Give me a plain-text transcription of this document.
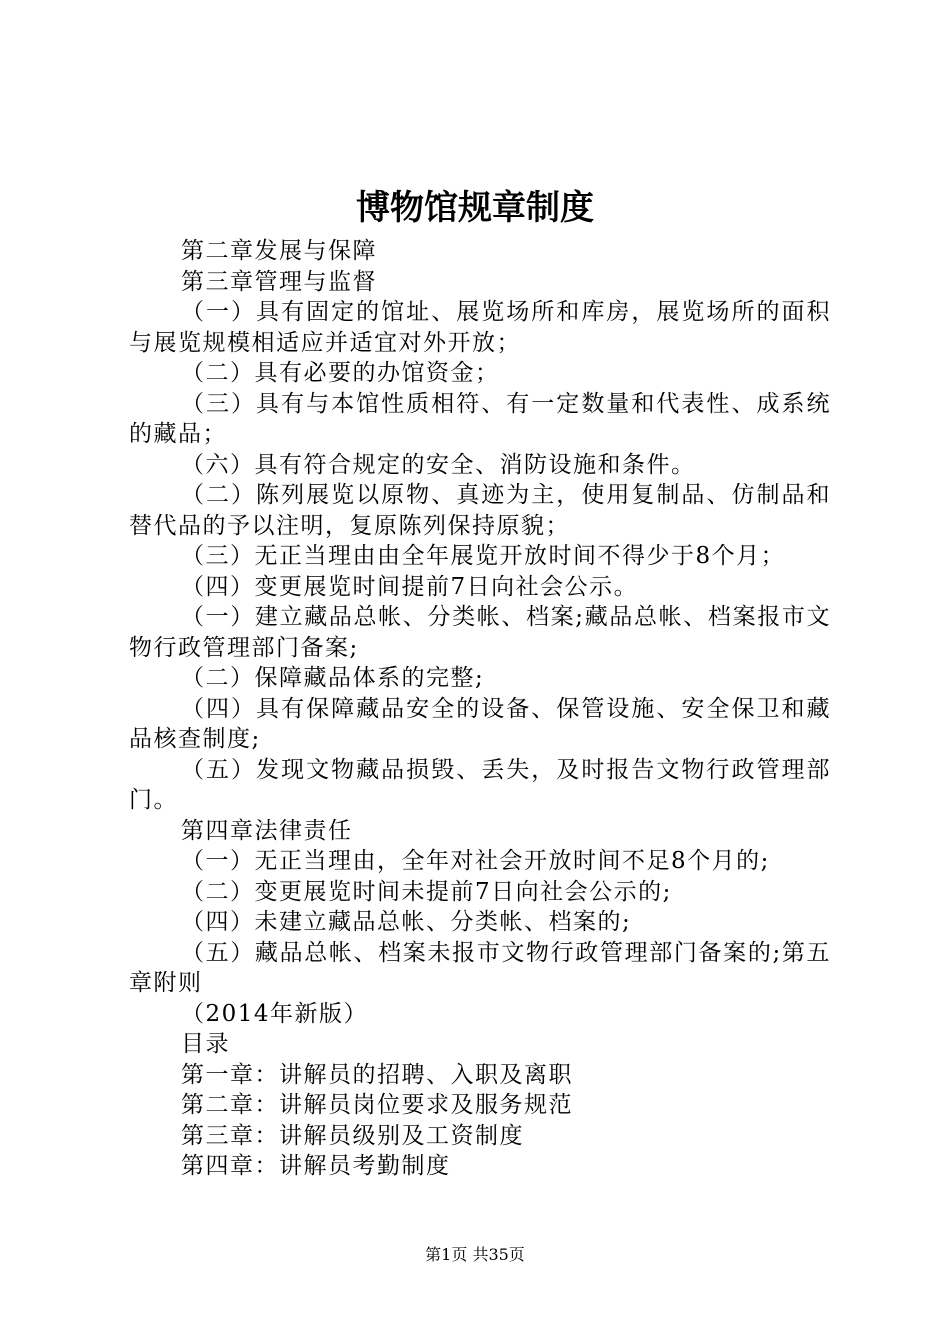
博物馆规章制度

第二章发展与保障

第三章管理与监督

（一）具有固定的馆址、展览场所和库房，展览场所的面积与展览规模相适应并适宜对外开放；

（二）具有必要的办馆资金；

（三）具有与本馆性质相符、有一定数量和代表性、成系统的藏品；

（六）具有符合规定的安全、消防设施和条件。

（二）陈列展览以原物、真迹为主，使用复制品、仿制品和替代品的予以注明，复原陈列保持原貌；

（三）无正当理由由全年展览开放时间不得少于8个月；

（四）变更展览时间提前7日向社会公示。

（一）建立藏品总帐、分类帐、档案;藏品总帐、档案报市文物行政管理部门备案;

（二）保障藏品体系的完整;

（四）具有保障藏品安全的设备、保管设施、安全保卫和藏品核查制度;

（五）发现文物藏品损毁、丢失，及时报告文物行政管理部门。

第四章法律责任

（一）无正当理由，全年对社会开放时间不足8个月的;

（二）变更展览时间未提前7日向社会公示的;

（四）未建立藏品总帐、分类帐、档案的;

（五）藏品总帐、档案未报市文物行政管理部门备案的;第五章附则

（2014年新版）

目录

第一章：讲解员的招聘、入职及离职

第二章：讲解员岗位要求及服务规范

第三章：讲解员级别及工资制度

第四章：讲解员考勤制度

第1页 共35页
